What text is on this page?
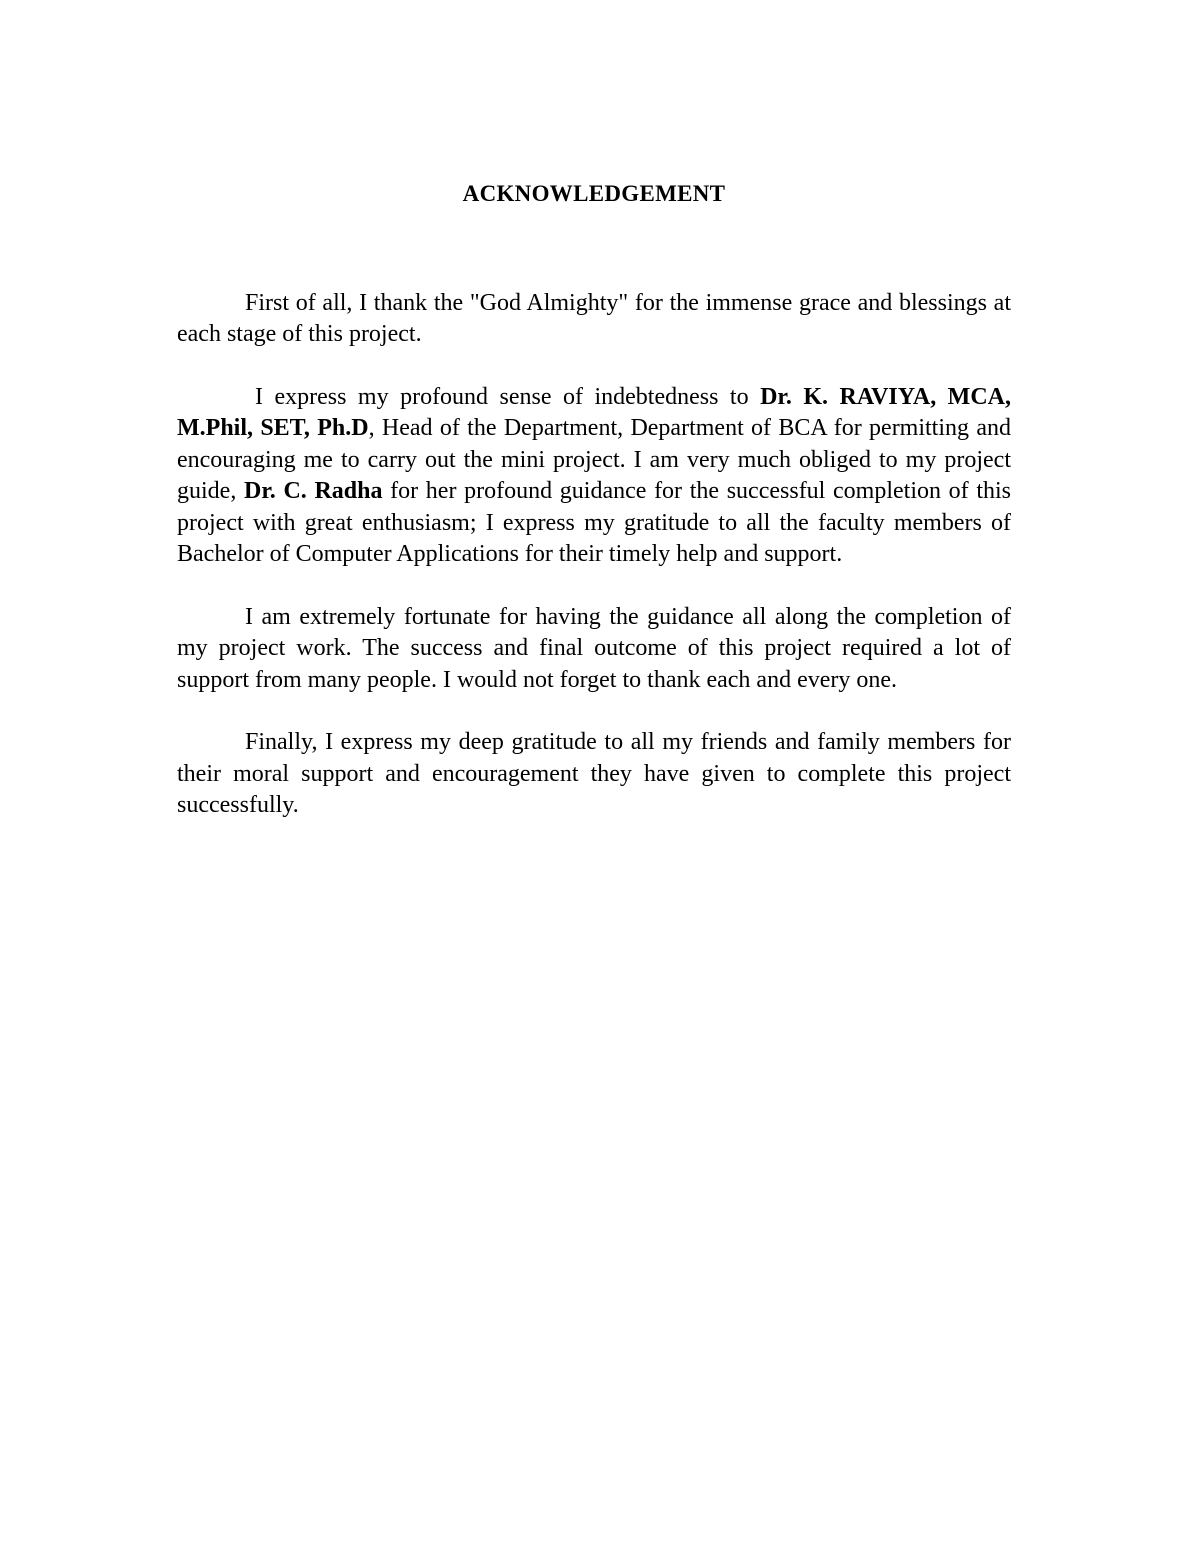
ACKNOWLEDGEMENT

First of all, I thank the "God Almighty" for the immense grace and blessings at each stage of this project.

I express my profound sense of indebtedness to Dr. K. RAVIYA, MCA, M.Phil, SET, Ph.D, Head of the Department, Department of BCA for permitting and encouraging me to carry out the mini project. I am very much obliged to my project guide, Dr. C. Radha for her profound guidance for the successful completion of this project with great enthusiasm; I express my gratitude to all the faculty members of Bachelor of Computer Applications for their timely help and support.

I am extremely fortunate for having the guidance all along the completion of my project work. The success and final outcome of this project required a lot of support from many people. I would not forget to thank each and every one.

Finally, I express my deep gratitude to all my friends and family members for their moral support and encouragement they have given to complete this project successfully.
